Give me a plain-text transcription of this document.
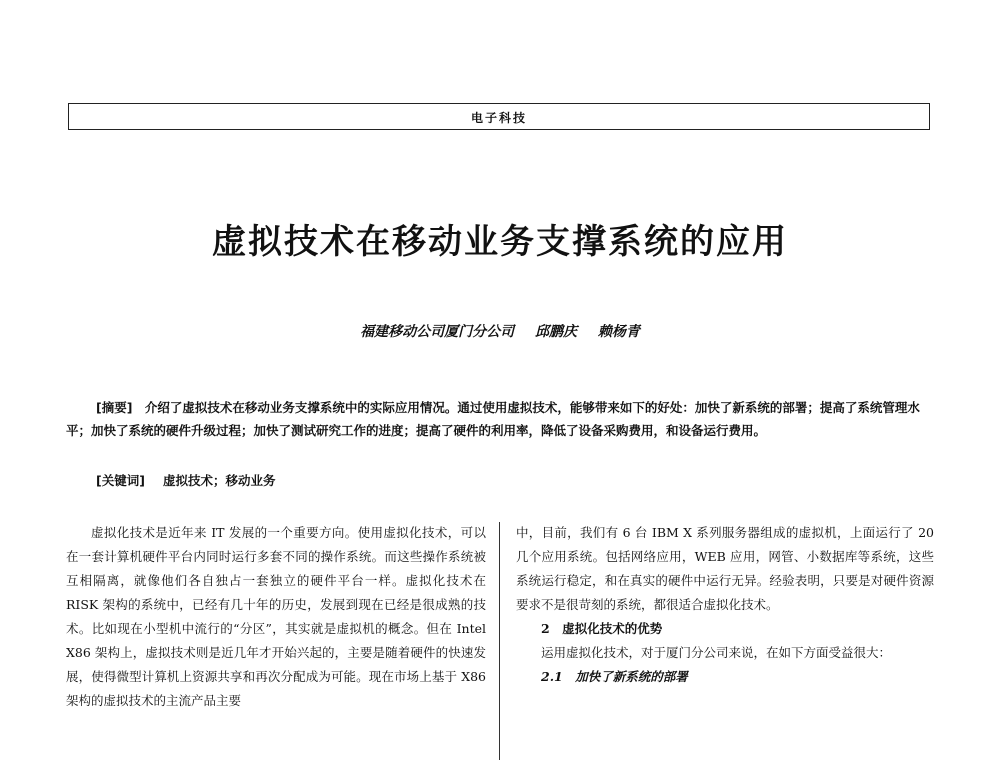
电子科技
虚拟技术在移动业务支撑系统的应用
福建移动公司厦门分公司 邱鹏庆 赖杨青

[摘要]　介绍了虚拟技术在移动业务支撑系统中的实际应用情况。通过使用虚拟技术，能够带来如下的好处：加快了新系统的部署；提高了系统管理水平；加快了系统的硬件升级过程；加快了测试研究工作的进度；提高了硬件的利用率，降低了设备采购费用，和设备运行费用。

[关键词] 虚拟技术；移动业务

虚拟化技术是近年来 IT 发展的一个重要方向。使用虚拟化技术，可以在一套计算机硬件平台内同时运行多套不同的操作系统。而这些操作系统被互相隔离，就像他们各自独占一套独立的硬件平台一样。虚拟化技术在 RISK 架构的系统中，已经有几十年的历史，发展到现在已经是很成熟的技术。比如现在小型机中流行的“分区”，其实就是虚拟机的概念。但在 Intel X86 架构上，虚拟技术则是近几年才开始兴起的，主要是随着硬件的快速发展，使得微型计算机上资源共享和再次分配成为可能。现在市场上基于 X86 架构的虚拟技术的主流产品主要

中，目前，我们有 6 台 IBM X 系列服务器组成的虚拟机，上面运行了 20 几个应用系统。包括网络应用，WEB 应用，网管、小数据库等系统，这些系统运行稳定，和在真实的硬件中运行无异。经验表明，只要是对硬件资源要求不是很苛刻的系统，都很适合虚拟化技术。

2　虚拟化技术的优势

运用虚拟化技术，对于厦门分公司来说，在如下方面受益很大：

2.1　加快了新系统的部署
